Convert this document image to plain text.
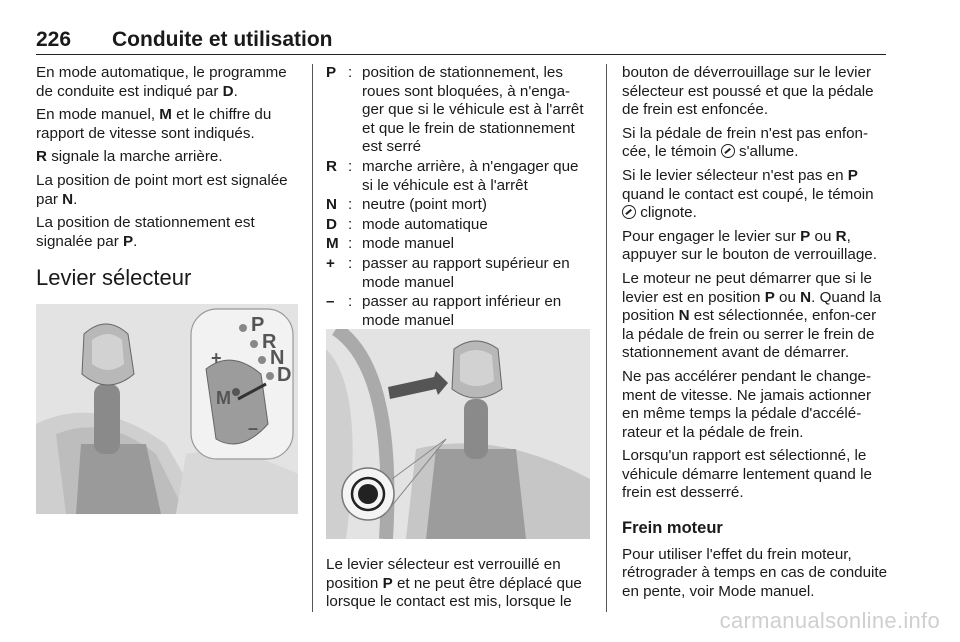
226 Conduite et utilisation

En mode automatique, le programme de conduite est indiqué par D.

En mode manuel, M et le chiffre du rapport de vitesse sont indiqués.

R signale la marche arrière.

La position de point mort est signalée par N.

La position de stationnement est signalée par P.

Levier sélecteur
P
R
N
D
M
+
–
P : position de stationnement, les roues sont bloquées, à n'enga-ger que si le véhicule est à l'arrêt et que le frein de stationnement est serré
R : marche arrière, à n'engager que si le véhicule est à l'arrêt
N : neutre (point mort)
D : mode automatique
M : mode manuel
+ : passer au rapport supérieur en mode manuel
– : passer au rapport inférieur en mode manuel
Le levier sélecteur est verrouillé en position P et ne peut être déplacé que lorsque le contact est mis, lorsque le

bouton de déverrouillage sur le levier sélecteur est poussé et que la pédale de frein est enfoncée.

Si la pédale de frein n'est pas enfon-cée, le témoin  s'allume.

Si le levier sélecteur n'est pas en P quand le contact est coupé, le témoin  clignote.

Pour engager le levier sur P ou R, appuyer sur le bouton de verrouillage.

Le moteur ne peut démarrer que si le levier est en position P ou N. Quand la position N est sélectionnée, enfon-cer la pédale de frein ou serrer le frein de stationnement avant de démarrer.

Ne pas accélérer pendant le change-ment de vitesse. Ne jamais actionner en même temps la pédale d'accélé-rateur et la pédale de frein.

Lorsqu'un rapport est sélectionné, le véhicule démarre lentement quand le frein est desserré.

Frein moteur

Pour utiliser l'effet du frein moteur, rétrograder à temps en cas de conduite en pente, voir Mode manuel.

carmanualsonline.info
